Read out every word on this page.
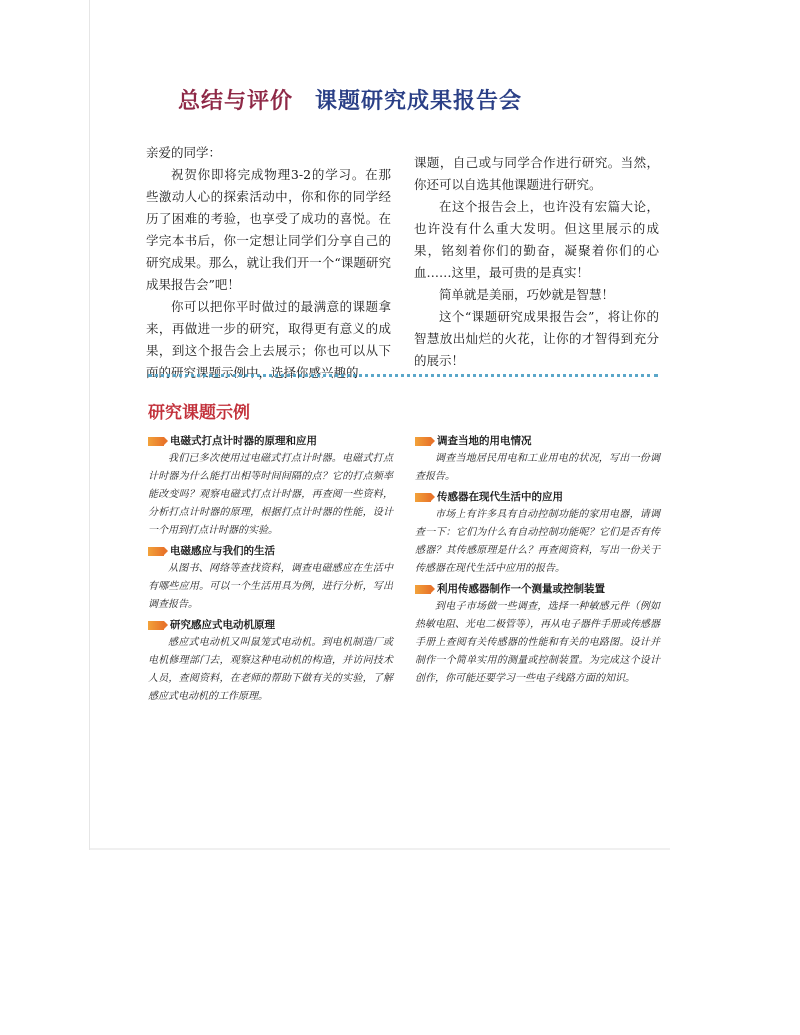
总结与评价 课题研究成果报告会

亲爱的同学：

祝贺你即将完成物理3-2的学习。在那些激动人心的探索活动中，你和你的同学经历了困难的考验，也享受了成功的喜悦。在学完本书后，你一定想让同学们分享自己的研究成果。那么，就让我们开一个“课题研究成果报告会”吧！

你可以把你平时做过的最满意的课题拿来，再做进一步的研究，取得更有意义的成果，到这个报告会上去展示；你也可以从下面的研究课题示例中，选择你感兴趣的

课题，自己或与同学合作进行研究。当然，你还可以自选其他课题进行研究。

在这个报告会上，也许没有宏篇大论，也许没有什么重大发明。但这里展示的成果，铭刻着你们的勤奋，凝聚着你们的心血……这里，最可贵的是真实！

简单就是美丽，巧妙就是智慧！

这个“课题研究成果报告会”，将让你的智慧放出灿烂的火花，让你的才智得到充分的展示！

研究课题示例
电磁式打点计时器的原理和应用

我们已多次使用过电磁式打点计时器。电磁式打点计时器为什么能打出相等时间间隔的点？它的打点频率能改变吗？观察电磁式打点计时器，再查阅一些资料，分析打点计时器的原理，根据打点计时器的性能，设计一个用到打点计时器的实验。

电磁感应与我们的生活

从图书、网络等查找资料，调查电磁感应在生活中有哪些应用。可以一个生活用具为例，进行分析，写出调查报告。

研究感应式电动机原理

感应式电动机又叫鼠笼式电动机。到电机制造厂或电机修理部门去，观察这种电动机的构造，并访问技术人员，查阅资料，在老师的帮助下做有关的实验，了解感应式电动机的工作原理。

调查当地的用电情况

调查当地居民用电和工业用电的状况，写出一份调查报告。

传感器在现代生活中的应用

市场上有许多具有自动控制功能的家用电器，请调查一下：它们为什么有自动控制功能呢？它们是否有传感器？其传感原理是什么？再查阅资料，写出一份关于传感器在现代生活中应用的报告。

利用传感器制作一个测量或控制装置

到电子市场做一些调查，选择一种敏感元件（例如热敏电阻、光电二极管等），再从电子器件手册或传感器手册上查阅有关传感器的性能和有关的电路图。设计并制作一个简单实用的测量或控制装置。为完成这个设计创作，你可能还要学习一些电子线路方面的知识。
